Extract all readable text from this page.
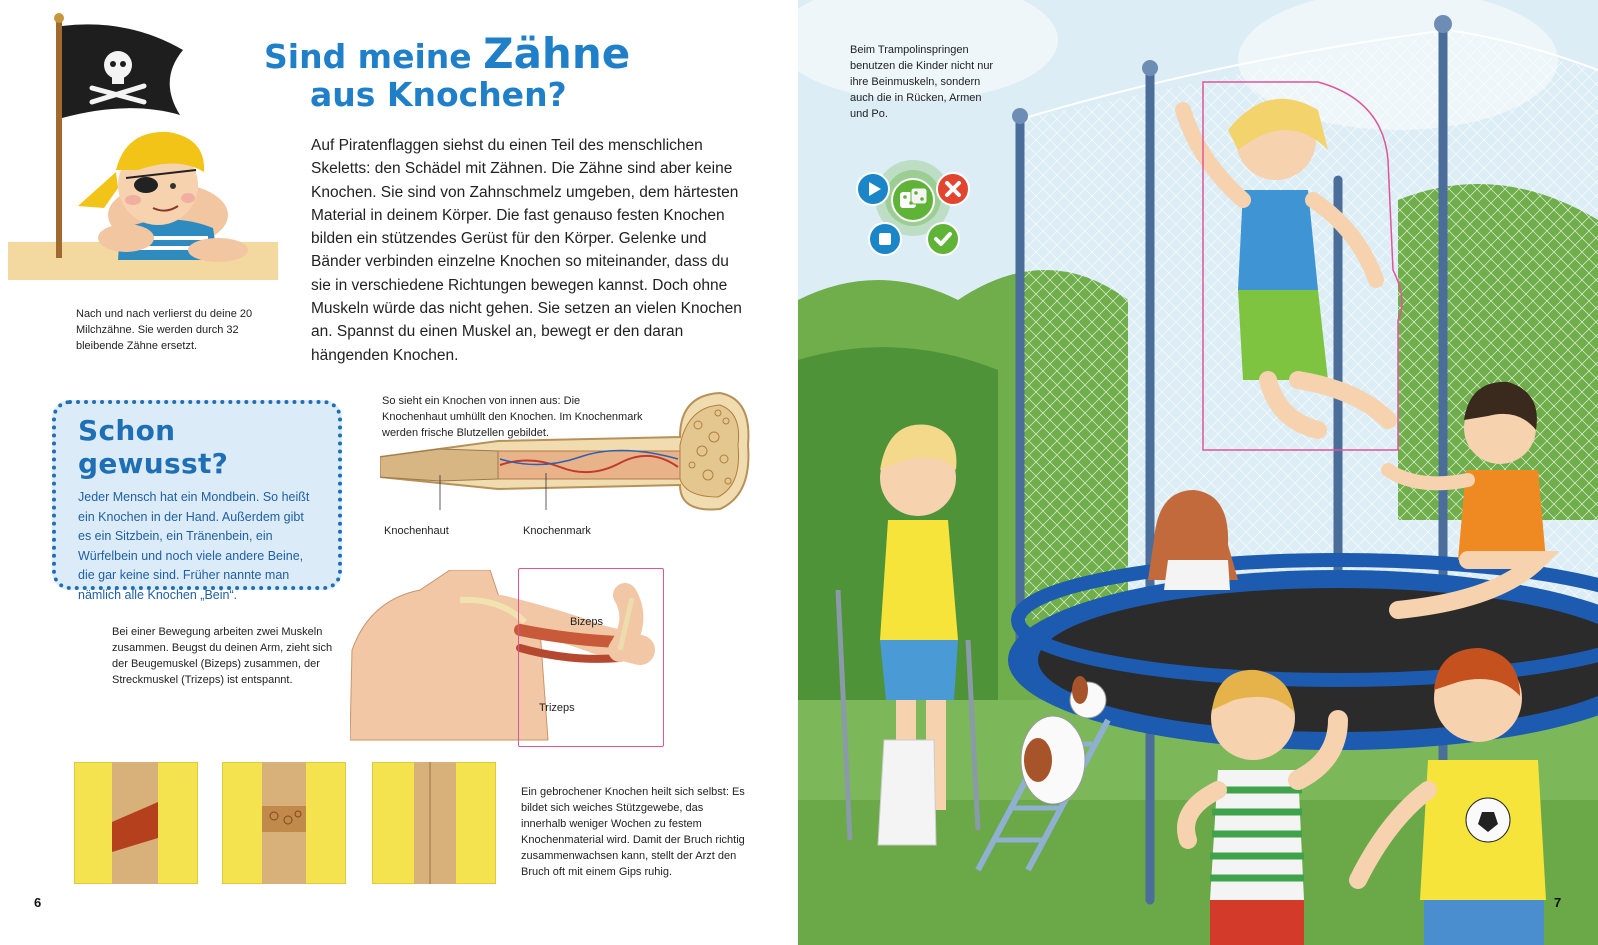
Sind meine Zähne
aus Knochen?
Auf Piratenflaggen siehst du einen Teil des menschlichen Skeletts: den Schädel mit Zähnen. Die Zähne sind aber keine Knochen. Sie sind von Zahnschmelz umgeben, dem härtesten Material in deinem Körper. Die fast genauso festen Knochen bilden ein stützendes Gerüst für den Körper. Gelenke und Bänder verbinden einzelne Knochen so miteinander, dass du sie in verschiedene Richtungen bewegen kannst. Doch ohne Muskeln würde das nicht gehen. Sie setzen an vielen Knochen an. Spannst du einen Muskel an, bewegt er den daran hängenden Knochen.
Nach und nach verlierst du deine 20 Milchzähne. Sie werden durch 32 bleibende Zähne ersetzt.
Schon gewusst?

Jeder Mensch hat ein Mondbein. So heißt ein Knochen in der Hand. Außerdem gibt es ein Sitzbein, ein Tränenbein, ein Würfelbein und noch viele andere Beine, die gar keine sind. Früher nannte man nämlich alle Knochen „Bein“.

So sieht ein Knochen von innen aus: Die Knochenhaut umhüllt den Knochen. Im Knochenmark werden frische Blutzellen gebildet.
Knochenhaut	Knochenmark
Bizeps
Trizeps
Bei einer Bewegung arbeiten zwei Muskeln zusammen. Beugst du deinen Arm, zieht sich der Beugemuskel (Bizeps) zusammen, der Streckmuskel (Trizeps) ist entspannt.
Ein gebrochener Knochen heilt sich selbst: Es bildet sich weiches Stützgewebe, das innerhalb weniger Wochen zu festem Knochenmaterial wird. Damit der Bruch richtig zusammenwachsen kann, stellt der Arzt den Bruch oft mit einem Gips ruhig.
6
Beim Trampolinspringen benutzen die Kinder nicht nur ihre Beinmuskeln, sondern auch die in Rücken, Armen und Po.
7
